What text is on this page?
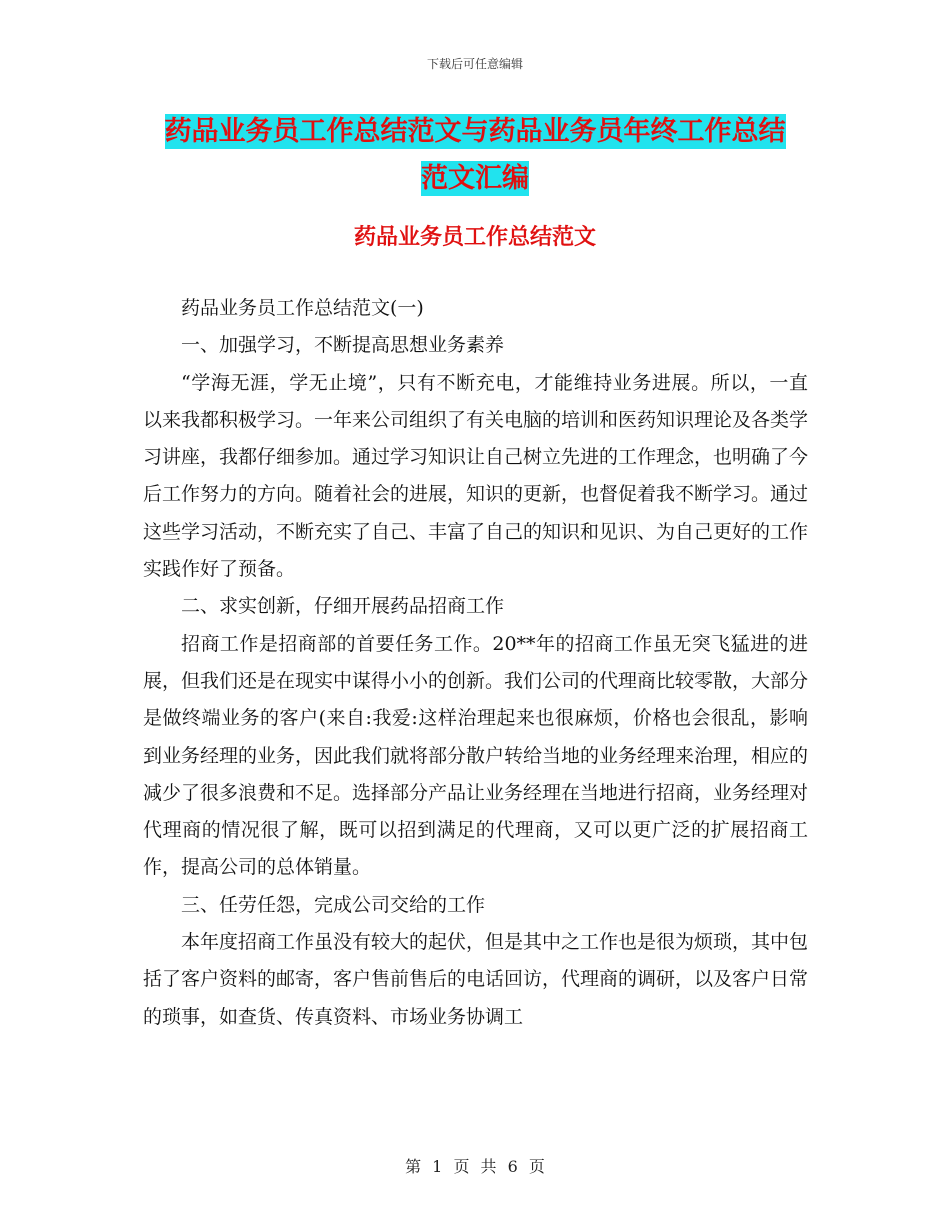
下载后可任意编辑
药品业务员工作总结范文与药品业务员年终工作总结
范文汇编
药品业务员工作总结范文

药品业务员工作总结范文(一)

一、加强学习，不断提高思想业务素养

“学海无涯，学无止境”，只有不断充电，才能维持业务进展。所以，一直以来我都积极学习。一年来公司组织了有关电脑的培训和医药知识理论及各类学习讲座，我都仔细参加。通过学习知识让自己树立先进的工作理念，也明确了今后工作努力的方向。随着社会的进展，知识的更新，也督促着我不断学习。通过这些学习活动，不断充实了自己、丰富了自己的知识和见识、为自己更好的工作实践作好了预备。

二、求实创新，仔细开展药品招商工作

招商工作是招商部的首要任务工作。20**年的招商工作虽无突飞猛进的进展，但我们还是在现实中谋得小小的创新。我们公司的代理商比较零散，大部分是做终端业务的客户(来自:我爱:这样治理起来也很麻烦，价格也会很乱，影响到业务经理的业务，因此我们就将部分散户转给当地的业务经理来治理，相应的减少了很多浪费和不足。选择部分产品让业务经理在当地进行招商，业务经理对代理商的情况很了解，既可以招到满足的代理商，又可以更广泛的扩展招商工作，提高公司的总体销量。

三、任劳任怨，完成公司交给的工作

本年度招商工作虽没有较大的起伏，但是其中之工作也是很为烦琐，其中包括了客户资料的邮寄，客户售前售后的电话回访，代理商的调研，以及客户日常的琐事，如查货、传真资料、市场业务协调工

第 1 页 共 6 页
